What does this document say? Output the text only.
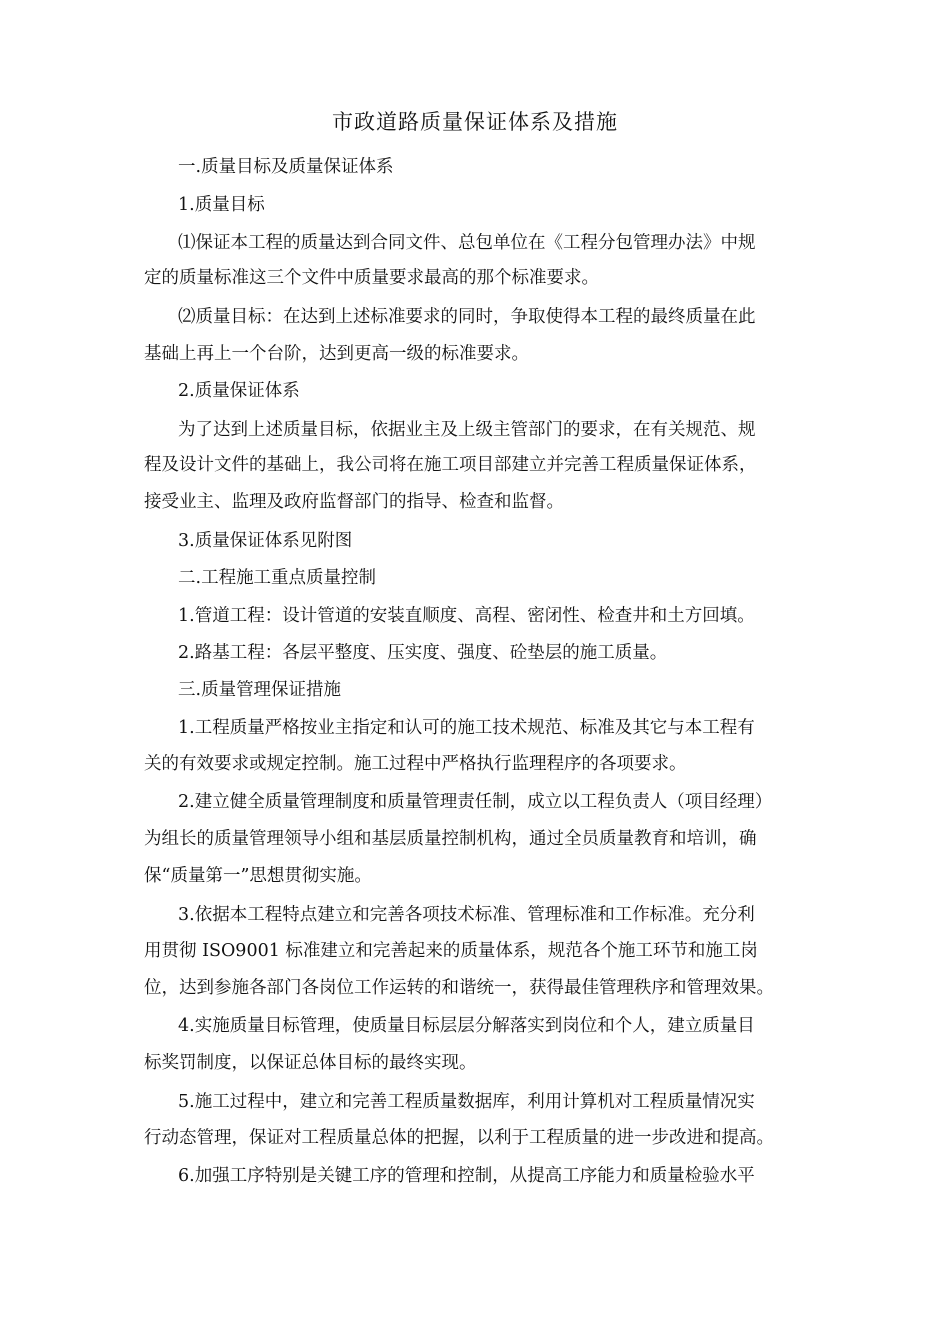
市政道路质量保证体系及措施
一.质量目标及质量保证体系
1.质量目标
⑴保证本工程的质量达到合同文件、总包单位在《工程分包管理办法》中规
定的质量标准这三个文件中质量要求最高的那个标准要求。
⑵质量目标：在达到上述标准要求的同时，争取使得本工程的最终质量在此
基础上再上一个台阶，达到更高一级的标准要求。
2.质量保证体系
为了达到上述质量目标，依据业主及上级主管部门的要求，在有关规范、规
程及设计文件的基础上，我公司将在施工项目部建立并完善工程质量保证体系，
接受业主、监理及政府监督部门的指导、检查和监督。
3.质量保证体系见附图
二.工程施工重点质量控制
1.管道工程：设计管道的安装直顺度、高程、密闭性、检查井和土方回填。
2.路基工程：各层平整度、压实度、强度、砼垫层的施工质量。
三.质量管理保证措施
1.工程质量严格按业主指定和认可的施工技术规范、标准及其它与本工程有
关的有效要求或规定控制。施工过程中严格执行监理程序的各项要求。
2.建立健全质量管理制度和质量管理责任制，成立以工程负责人（项目经理）
为组长的质量管理领导小组和基层质量控制机构，通过全员质量教育和培训，确
保“质量第一”思想贯彻实施。
3.依据本工程特点建立和完善各项技术标准、管理标准和工作标准。充分利
用贯彻 ISO9001 标准建立和完善起来的质量体系，规范各个施工环节和施工岗
位，达到参施各部门各岗位工作运转的和谐统一，获得最佳管理秩序和管理效果。
4.实施质量目标管理，使质量目标层层分解落实到岗位和个人，建立质量目
标奖罚制度，以保证总体目标的最终实现。
5.施工过程中，建立和完善工程质量数据库，利用计算机对工程质量情况实
行动态管理，保证对工程质量总体的把握，以利于工程质量的进一步改进和提高。
6.加强工序特别是关键工序的管理和控制，从提高工序能力和质量检验水平
